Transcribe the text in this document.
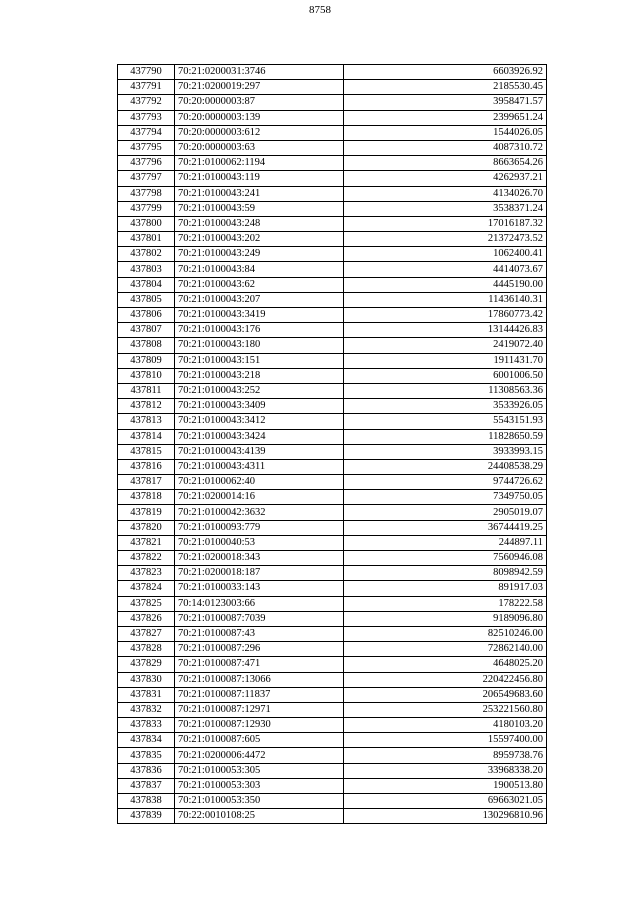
8758
437790	70:21:0200031:3746	6603926.92
437791	70:21:0200019:297	2185530.45
437792	70:20:0000003:87	3958471.57
437793	70:20:0000003:139	2399651.24
437794	70:20:0000003:612	1544026.05
437795	70:20:0000003:63	4087310.72
437796	70:21:0100062:1194	8663654.26
437797	70:21:0100043:119	4262937.21
437798	70:21:0100043:241	4134026.70
437799	70:21:0100043:59	3538371.24
437800	70:21:0100043:248	17016187.32
437801	70:21:0100043:202	21372473.52
437802	70:21:0100043:249	1062400.41
437803	70:21:0100043:84	4414073.67
437804	70:21:0100043:62	4445190.00
437805	70:21:0100043:207	11436140.31
437806	70:21:0100043:3419	17860773.42
437807	70:21:0100043:176	13144426.83
437808	70:21:0100043:180	2419072.40
437809	70:21:0100043:151	1911431.70
437810	70:21:0100043:218	6001006.50
437811	70:21:0100043:252	11308563.36
437812	70:21:0100043:3409	3533926.05
437813	70:21:0100043:3412	5543151.93
437814	70:21:0100043:3424	11828650.59
437815	70:21:0100043:4139	3933993.15
437816	70:21:0100043:4311	24408538.29
437817	70:21:0100062:40	9744726.62
437818	70:21:0200014:16	7349750.05
437819	70:21:0100042:3632	2905019.07
437820	70:21:0100093:779	36744419.25
437821	70:21:0100040:53	244897.11
437822	70:21:0200018:343	7560946.08
437823	70:21:0200018:187	8098942.59
437824	70:21:0100033:143	891917.03
437825	70:14:0123003:66	178222.58
437826	70:21:0100087:7039	9189096.80
437827	70:21:0100087:43	82510246.00
437828	70:21:0100087:296	72862140.00
437829	70:21:0100087:471	4648025.20
437830	70:21:0100087:13066	220422456.80
437831	70:21:0100087:11837	206549683.60
437832	70:21:0100087:12971	253221560.80
437833	70:21:0100087:12930	4180103.20
437834	70:21:0100087:605	15597400.00
437835	70:21:0200006:4472	8959738.76
437836	70:21:0100053:305	33968338.20
437837	70:21:0100053:303	1900513.80
437838	70:21:0100053:350	69663021.05
437839	70:22:0010108:25	130296810.96
